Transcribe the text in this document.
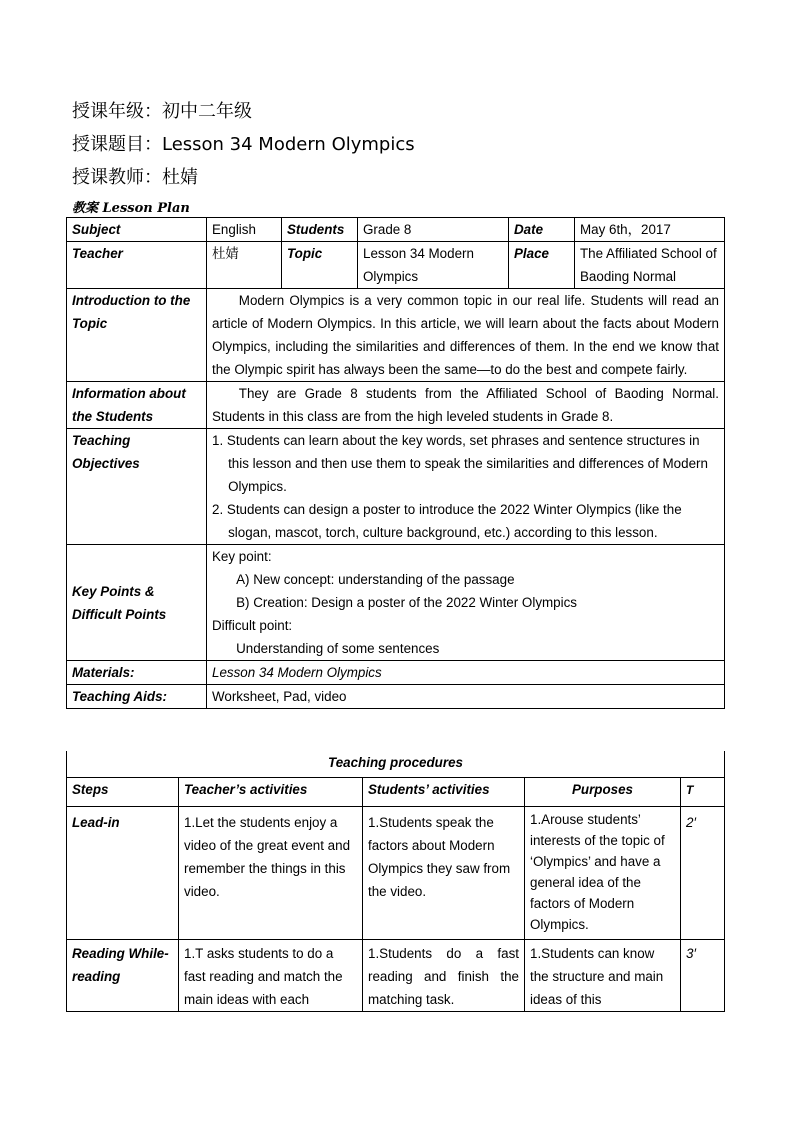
授课年级：初中二年级
授课题目：Lesson 34 Modern Olympics
授课教师：杜婧
教案 Lesson Plan
Subject	English	Students	Grade 8	Date	May 6th，2017
Teacher	杜婧	Topic	Lesson 34 Modern Olympics	Place	The Affiliated School of Baoding Normal
Introduction to the Topic	Modern Olympics is a very common topic in our real life. Students will read an article of Modern Olympics. In this article, we will learn about the facts about Modern Olympics, including the similarities and differences of them. In the end we know that the Olympic spirit has always been the same—to do the best and compete fairly.				
Information about the Students	They are Grade 8 students from the Affiliated School of Baoding Normal. Students in this class are from the high leveled students in Grade 8.				
Teaching Objectives	1. Students can learn about the key words, set phrases and sentence structures in this lesson and then use them to speak the similarities and differences of Modern Olympics.
2. Students can design a poster to introduce the 2022 Winter Olympics (like the slogan, mascot, torch, culture background, etc.) according to this lesson.				

Key Points & Difficult Points	Key point:
A) New concept: understanding of the passage
B) Creation: Design a poster of the 2022 Winter Olympics
Difficult point:
Understanding of some sentences				

Materials:	Lesson 34 Modern Olympics				
Teaching Aids:	Worksheet, Pad, video				
Teaching procedures				
Steps	Teacher’s activities	Students’ activities	Purposes	T
Lead-in	1.Let the students enjoy a video of the great event and remember the things in this video.	1.Students speak the factors about Modern Olympics they saw from the video.	1.Arouse students’ interests of the topic of ‘Olympics’ and have a general idea of the factors of Modern Olympics.	2′
Reading While-reading	1.T asks students to do a fast reading and match the main ideas with each	1.Students do a fast reading and finish the matching task.	1.Students can know the structure and main ideas of this	3′
